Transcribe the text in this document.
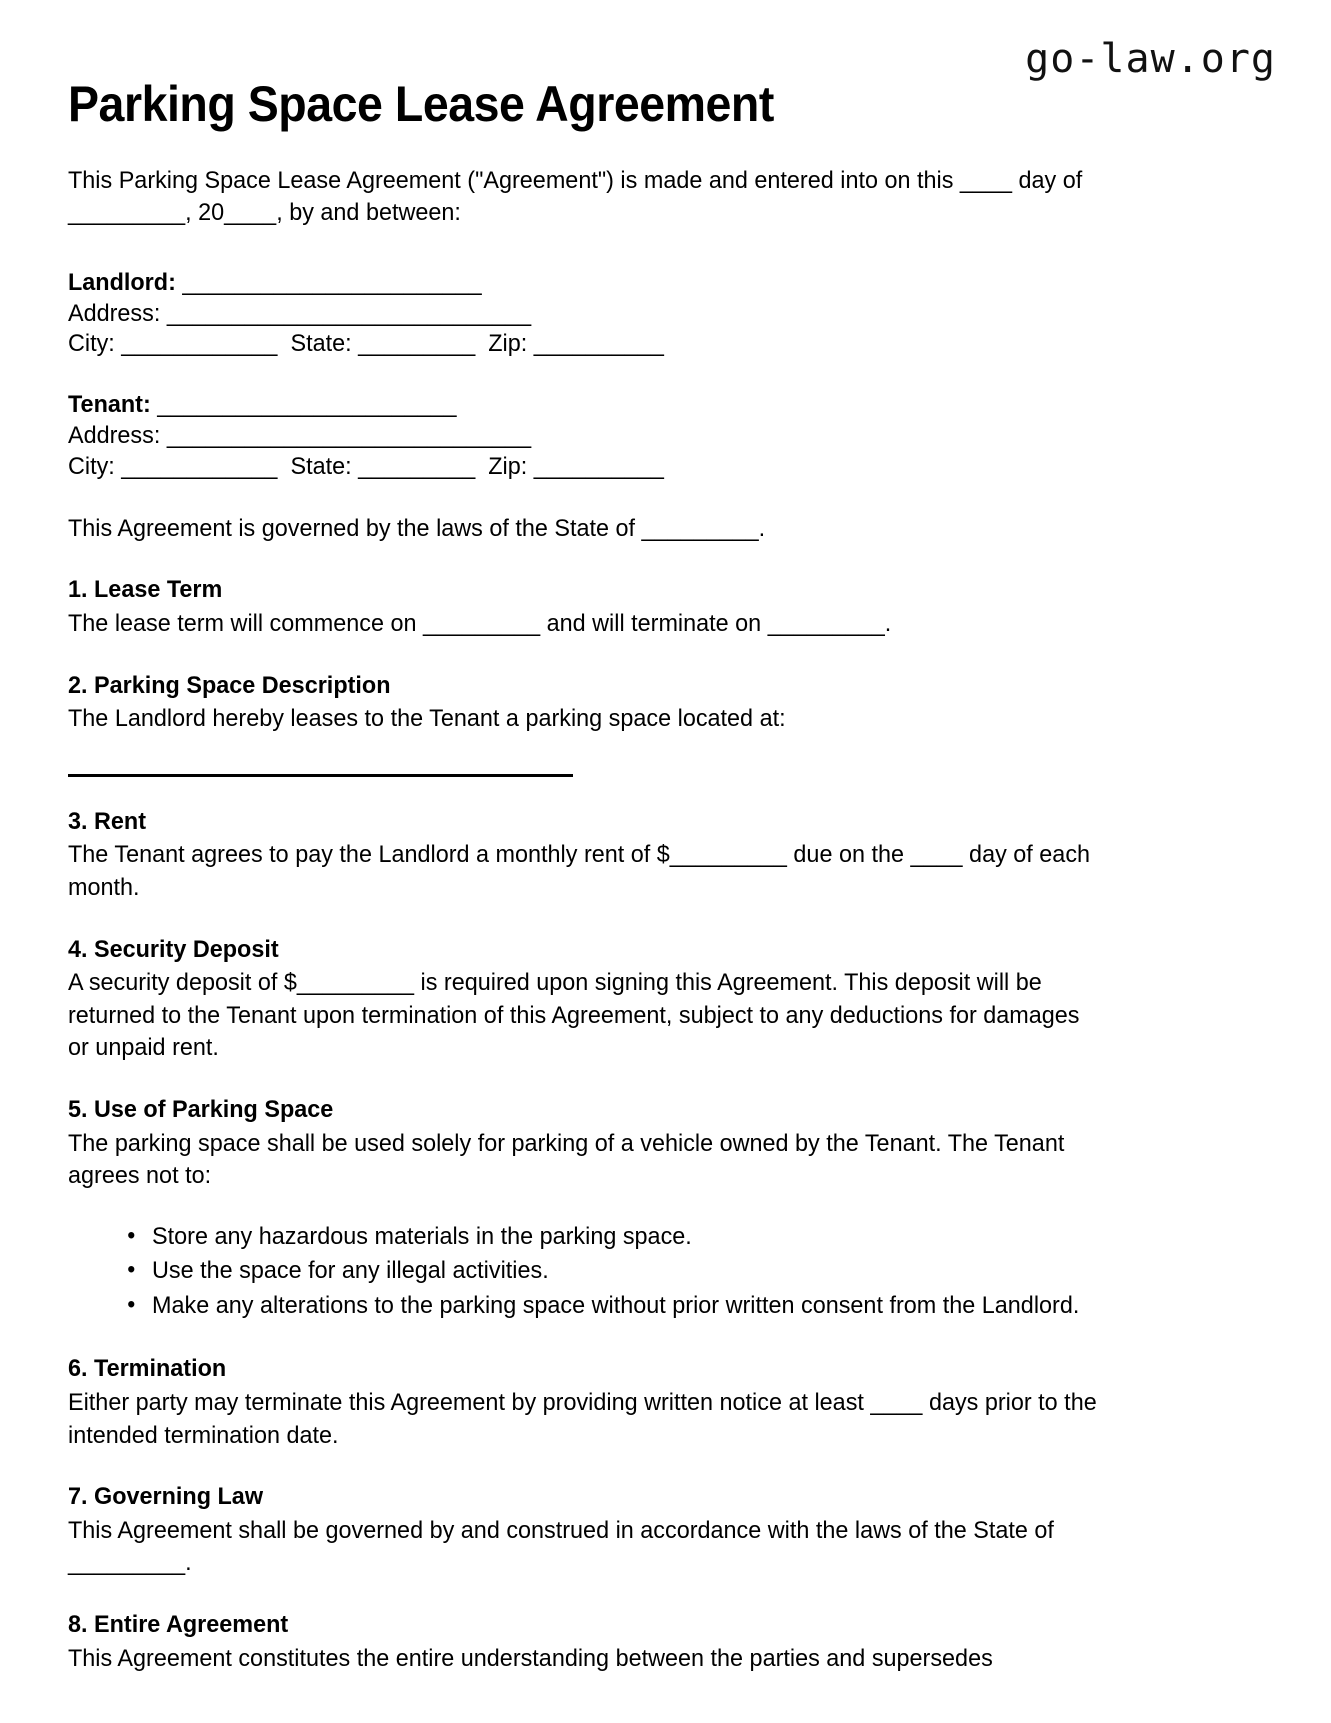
go-law.org
Parking Space Lease Agreement

This Parking Space Lease Agreement ("Agreement") is made and entered into on this ____ day of _________, 20____, by and between:

Landlord: _______________________
Address: ____________________________
City: ____________ State: _________ Zip: __________
Tenant: _______________________
Address: ____________________________
City: ____________ State: _________ Zip: __________

This Agreement is governed by the laws of the State of _________.

1. Lease Term

The lease term will commence on _________ and will terminate on _________.

2. Parking Space Description

The Landlord hereby leases to the Tenant a parking space located at:

3. Rent

The Tenant agrees to pay the Landlord a monthly rent of $_________ due on the ____ day of each month.

4. Security Deposit

A security deposit of $_________ is required upon signing this Agreement. This deposit will be returned to the Tenant upon termination of this Agreement, subject to any deductions for damages or unpaid rent.

5. Use of Parking Space

The parking space shall be used solely for parking of a vehicle owned by the Tenant. The Tenant agrees not to:

• Store any hazardous materials in the parking space.
• Use the space for any illegal activities.
• Make any alterations to the parking space without prior written consent from the Landlord.
6. Termination

Either party may terminate this Agreement by providing written notice at least ____ days prior to the intended termination date.

7. Governing Law

This Agreement shall be governed by and construed in accordance with the laws of the State of _________.

8. Entire Agreement

This Agreement constitutes the entire understanding between the parties and supersedes
